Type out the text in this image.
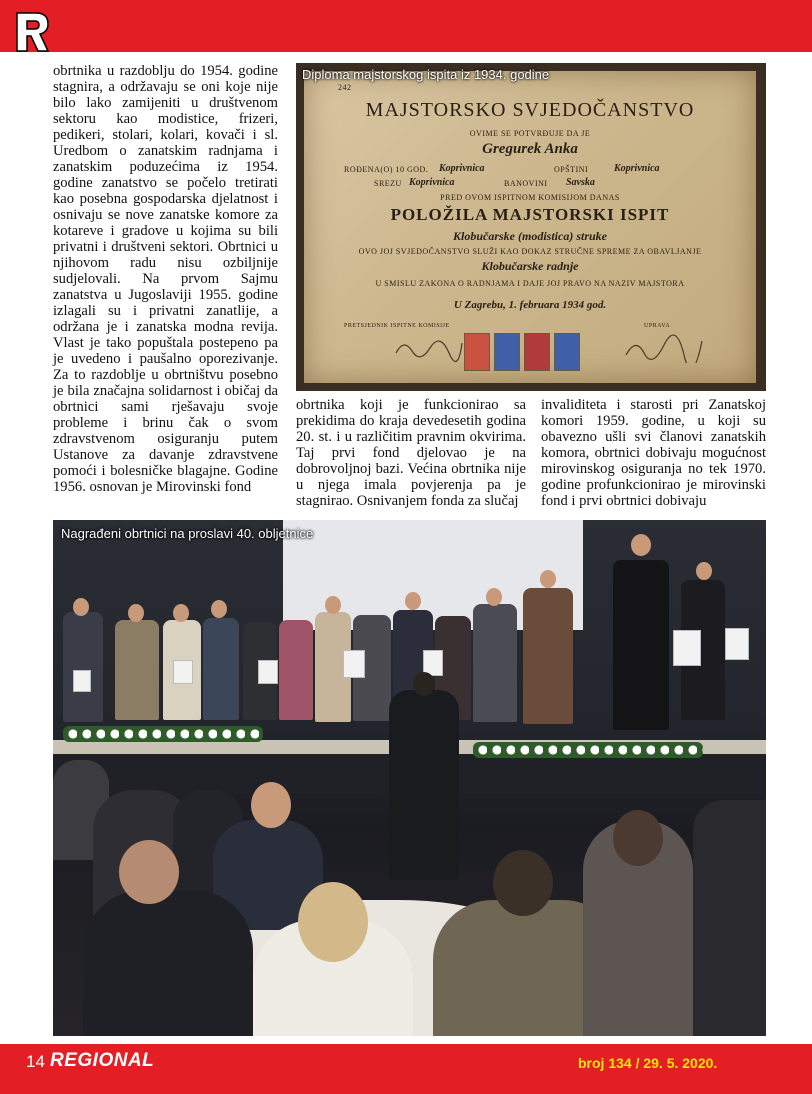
obrtnika u razdoblju do 1954. godine stagnira, a održavaju se oni koje nije bilo lako zamijeniti u društvenom sektoru kao modistice, frizeri, pedikeri, stolari, kolari, kovači i sl. Uredbom o zanatskim radnjama i zanatskim poduzećima iz 1954. godine zanatstvo se počelo tretirati kao posebna gospodarska djelatnost i osnivaju se nove zanatske komore za kotareve i gradove u kojima su bili privatni i društveni sektori. Obrtnici u njihovom radu nisu ozbiljnije sudjelovali. Na prvom Sajmu zanatstva u Jugoslaviji 1955. godine izlagali su i privatni zanatlije, a održana je i zanatska modna revija. Vlast je tako popuštala postepeno pa je uvedeno i paušalno oporezivanje. Za to razdoblje u obrtništvu posebno je bila značajna solidarnost i običaj da obrtnici sami rješavaju svoje probleme i brinu čak o svom zdravstvenom osiguranju putem Ustanove za davanje zdravstvene pomoći i bolesničke blagajne. Godine 1956. osnovan je Mirovinski fond
obrtnika koji je funkcionirao sa prekidima do kraja devedesetih godina 20. st. i u različitim pravnim okvirima. Taj prvi fond djelovao je na dobrovoljnoj bazi. Većina obrtnika nije u njega imala povjerenja pa je stagnirao. Osnivanjem fonda za slučaj
invaliditeta i starosti pri Zanatskoj komori 1959. godine, u koji su obavezno ušli svi članovi zanatskih komora, obrtnici dobivaju mogućnost mirovinskog osiguranja no tek 1970. godine profunkcionirao je mirovinski fond i prvi obrtnici dobivaju
242
MAJSTORSKO SVJEDOČANSTVO
OVIME SE POTVRĐUJE DA JE
Gregurek Anka
ROĐENA(O) 10 GOD.	Koprivnica	OPŠTINI	Koprivnica
SREZU Koprivnica	BANOVINI	Savska
PRED OVOM ISPITNOM KOMISIJOM DANAS
POLOŽILA MAJSTORSKI ISPIT
Klobučarske (modistica) struke
OVO JOJ SVJEDOČANSTVO SLUŽI KAO DOKAZ STRUČNE SPREME ZA OBAVLJANJE
Klobučarske radnje
U SMISLU ZAKONA O RADNJAMA I DAJE JOJ PRAVO NA NAZIV MAJSTORA
U Zagrebu, 1. februara 1934 god.
PRETSJEDNIK ISPITNE KOMISIJE	UPRAVA
Diploma majstorskog ispita iz 1934. godine
Nagrađeni obrtnici na proslavi 40. obljetnice
14 REGIONAL	broj 134 / 29. 5. 2020.
